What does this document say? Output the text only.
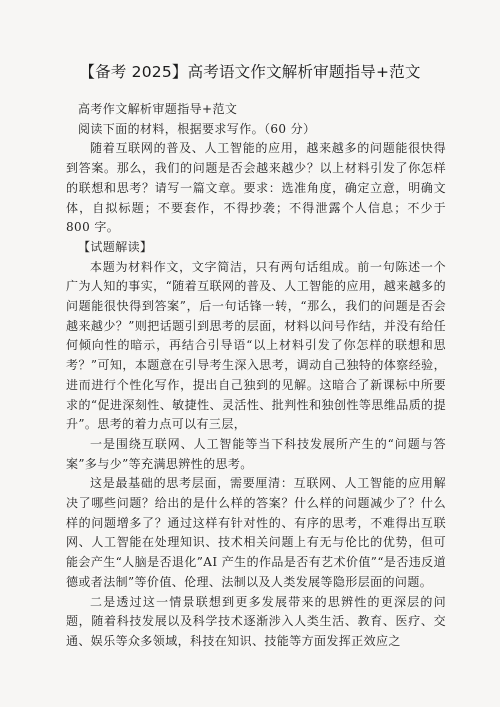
【备考 2025】高考语文作文解析审题指导+范文

高考作文解析审题指导+范文

阅读下面的材料，根据要求写作。（60 分）

随着互联网的普及、人工智能的应用，越来越多的问题能很快得到答案。那么，我们的问题是否会越来越少？以上材料引发了你怎样的联想和思考？请写一篇文章。要求：选准角度，确定立意，明确文体，自拟标题；不要套作，不得抄袭；不得泄露个人信息；不少于 800 字。

【试题解读】

本题为材料作文，文字简洁，只有两句话组成。前一句陈述一个广为人知的事实，“随着互联网的普及、人工智能的应用，越来越多的问题能很快得到答案”，后一句话锋一转，“那么，我们的问题是否会越来越少？”则把话题引到思考的层面，材料以问号作结，并没有给任何倾向性的暗示，再结合引导语“以上材料引发了你怎样的联想和思考？”可知，本题意在引导考生深入思考，调动自己独特的体察经验，进而进行个性化写作，提出自己独到的见解。这暗合了新课标中所要求的“促进深刻性、敏捷性、灵活性、批判性和独创性等思维品质的提升”。思考的着力点可以有三层，

一是围绕互联网、人工智能等当下科技发展所产生的“问题与答案”多与少”等充满思辨性的思考。

这是最基础的思考层面，需要厘清：互联网、人工智能的应用解决了哪些问题？给出的是什么样的答案？什么样的问题减少了？什么样的问题增多了？通过这样有针对性的、有序的思考，不难得出互联网、人工智能在处理知识、技术相关问题上有无与伦比的优势，但可能会产生“人脑是否退化”AI 产生的作品是否有艺术价值”“是否违反道德或者法制”等价值、伦理、法制以及人类发展等隐形层面的问题。

二是透过这一情景联想到更多发展带来的思辨性的更深层的问题，随着科技发展以及科学技术逐渐涉入人类生活、教育、医疗、交通、娱乐等众多领域，科技在知识、技能等方面发挥正效应之
